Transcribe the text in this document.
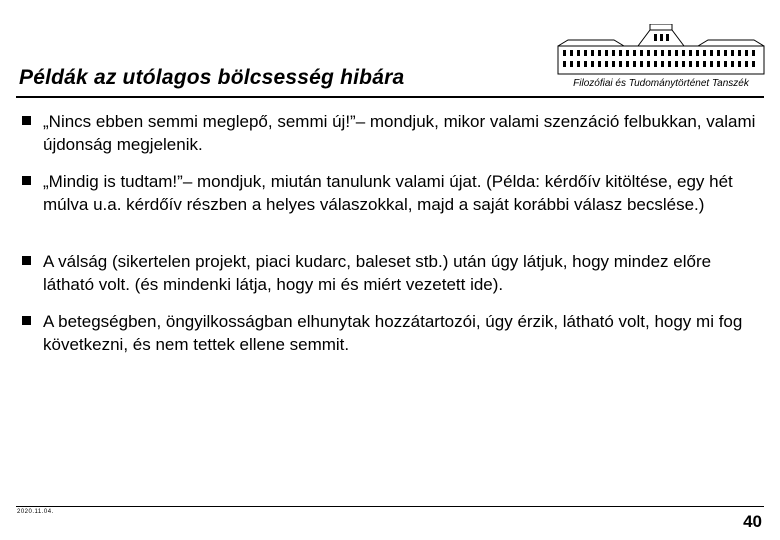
Filozófiai és Tudománytörténet Tanszék
Példák az utólagos bölcsesség hibára
„Nincs ebben semmi meglepő, semmi új!”– mondjuk, mikor valami szenzáció felbukkan, valami újdonság megjelenik.
„Mindig is tudtam!”– mondjuk, miután tanulunk valami újat. (Példa: kérdőív kitöltése, egy hét múlva u.a. kérdőív részben a helyes válaszokkal, majd a saját korábbi válasz becslése.)
A válság (sikertelen projekt, piaci kudarc, baleset stb.) után úgy látjuk, hogy mindez előre látható volt. (és mindenki látja, hogy mi és miért vezetett ide).
A betegségben, öngyilkosságban elhunytak hozzátartozói, úgy érzik, látható volt, hogy mi fog következni, és nem tettek ellene semmit.
2020.11.04.	40
